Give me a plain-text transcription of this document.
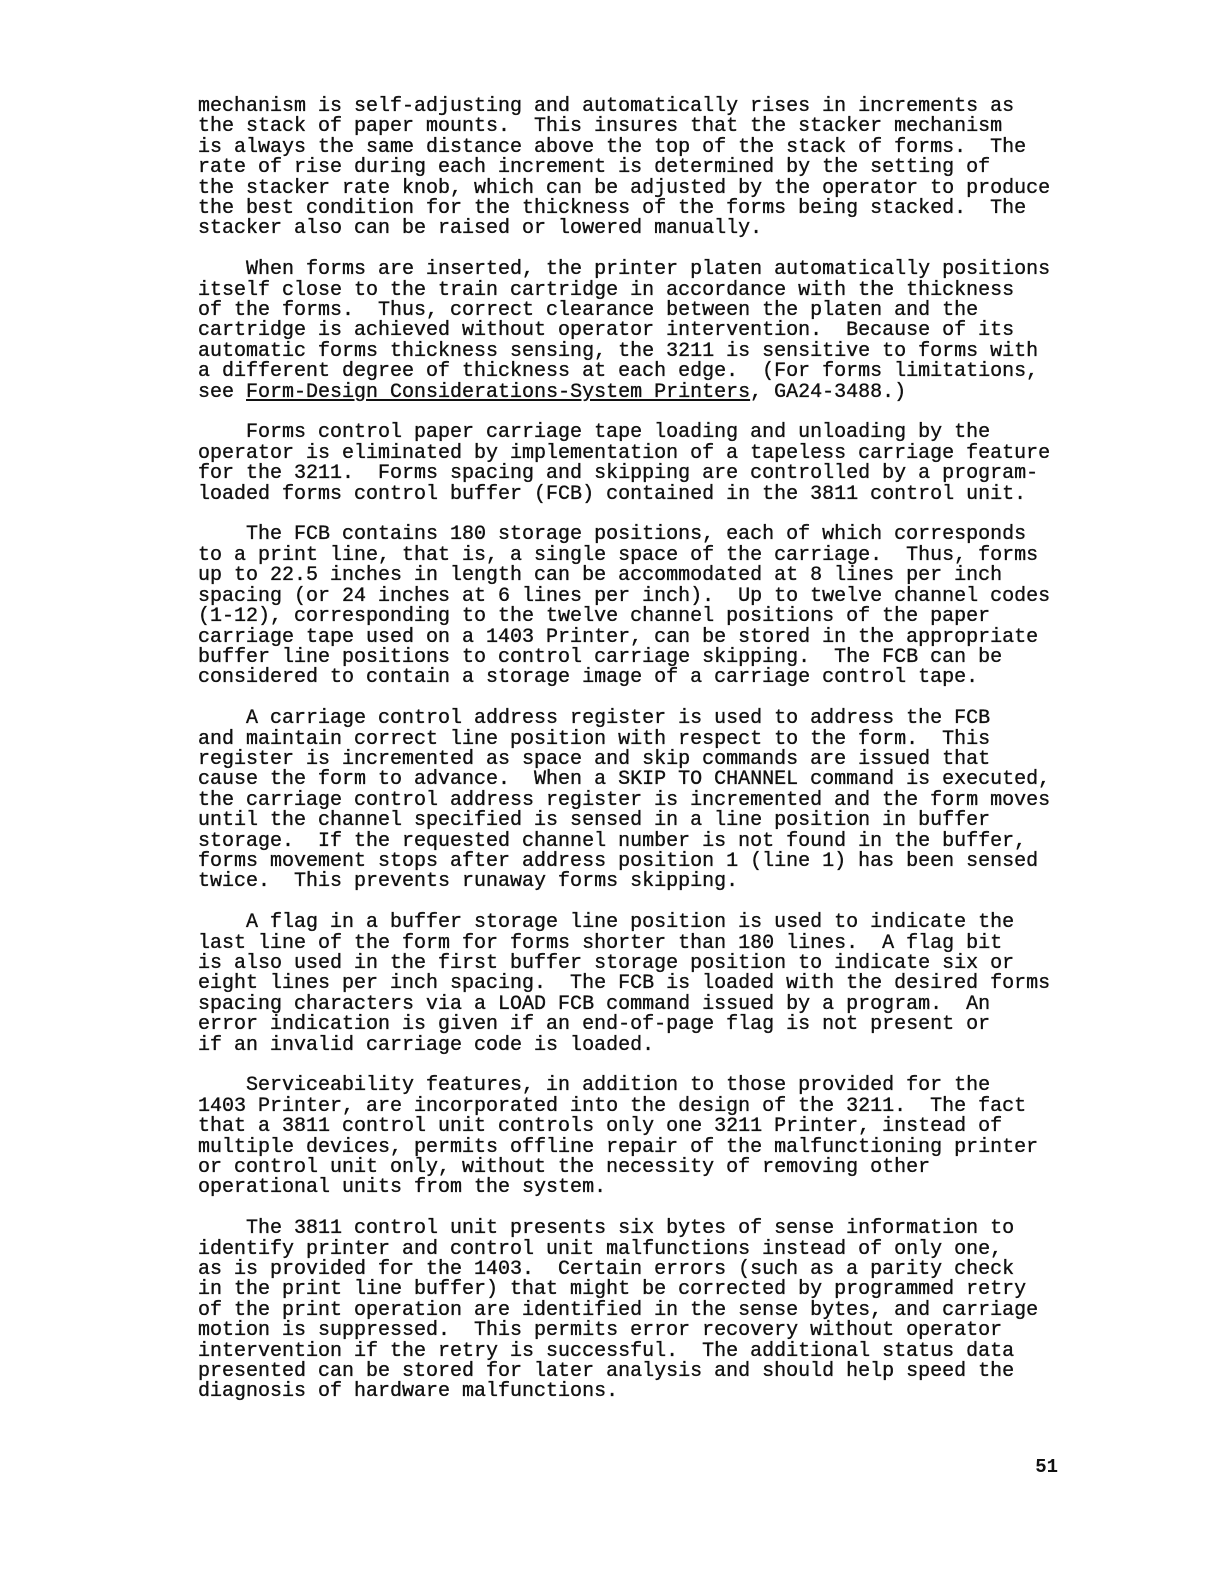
mechanism is self-adjusting and automatically rises in increments as
the stack of paper mounts.  This insures that the stacker mechanism
is always the same distance above the top of the stack of forms.  The
rate of rise during each increment is determined by the setting of
the stacker rate knob, which can be adjusted by the operator to produce
the best condition for the thickness of the forms being stacked.  The
stacker also can be raised or lowered manually.

When forms are inserted, the printer platen automatically positions
itself close to the train cartridge in accordance with the thickness
of the forms.  Thus, correct clearance between the platen and the
cartridge is achieved without operator intervention.  Because of its
automatic forms thickness sensing, the 3211 is sensitive to forms with
a different degree of thickness at each edge.  (For forms limitations,
see Form-Design Considerations-System Printers, GA24-3488.)
Forms control paper carriage tape loading and unloading by the
operator is eliminated by implementation of a tapeless carriage feature
for the 3211.  Forms spacing and skipping are controlled by a program-
loaded forms control buffer (FCB) contained in the 3811 control unit.

The FCB contains 180 storage positions, each of which corresponds
to a print line, that is, a single space of the carriage.  Thus, forms
up to 22.5 inches in length can be accommodated at 8 lines per inch
spacing (or 24 inches at 6 lines per inch).  Up to twelve channel codes
(1-12), corresponding to the twelve channel positions of the paper
carriage tape used on a 1403 Printer, can be stored in the appropriate
buffer line positions to control carriage skipping.  The FCB can be
considered to contain a storage image of a carriage control tape.

A carriage control address register is used to address the FCB
and maintain correct line position with respect to the form.  This
register is incremented as space and skip commands are issued that
cause the form to advance.  When a SKIP TO CHANNEL command is executed,
the carriage control address register is incremented and the form moves
until the channel specified is sensed in a line position in buffer
storage.  If the requested channel number is not found in the buffer,
forms movement stops after address position 1 (line 1) has been sensed
twice.  This prevents runaway forms skipping.

A flag in a buffer storage line position is used to indicate the
last line of the form for forms shorter than 180 lines.  A flag bit
is also used in the first buffer storage position to indicate six or
eight lines per inch spacing.  The FCB is loaded with the desired forms
spacing characters via a LOAD FCB command issued by a program.  An
error indication is given if an end-of-page flag is not present or
if an invalid carriage code is loaded.

Serviceability features, in addition to those provided for the
1403 Printer, are incorporated into the design of the 3211.  The fact
that a 3811 control unit controls only one 3211 Printer, instead of
multiple devices, permits offline repair of the malfunctioning printer
or control unit only, without the necessity of removing other
operational units from the system.

The 3811 control unit presents six bytes of sense information to
identify printer and control unit malfunctions instead of only one,
as is provided for the 1403.  Certain errors (such as a parity check
in the print line buffer) that might be corrected by programmed retry
of the print operation are identified in the sense bytes, and carriage
motion is suppressed.  This permits error recovery without operator
intervention if the retry is successful.  The additional status data
presented can be stored for later analysis and should help speed the
diagnosis of hardware malfunctions.

51
